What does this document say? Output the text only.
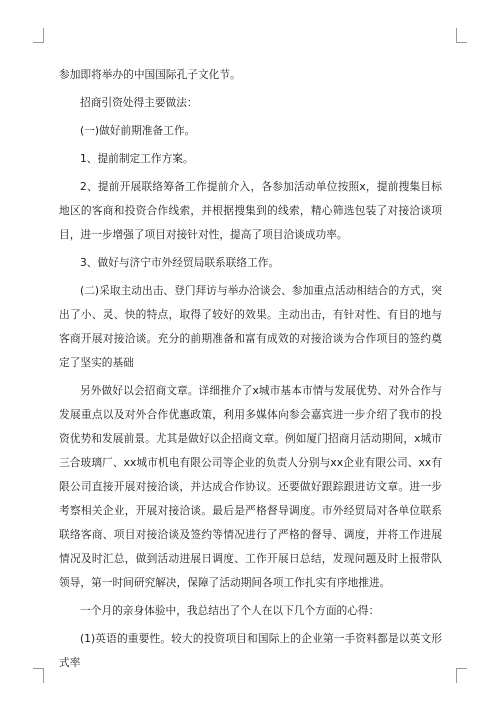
参加即将举办的中国国际孔子文化节。

招商引资处得主要做法：

(一)做好前期准备工作。

1、提前制定工作方案。

2、提前开展联络筹备工作提前介入，各参加活动单位按照x，提前搜集目标地区的客商和投资合作线索，并根据搜集到的线索，精心筛选包装了对接洽谈项目，进一步增强了项目对接针对性，提高了项目洽谈成功率。

3、做好与济宁市外经贸局联系联络工作。

(二)采取主动出击、登门拜访与举办洽谈会、参加重点活动相结合的方式，突出了小、灵、快的特点，取得了较好的效果。主动出击，有针对性、有目的地与客商开展对接洽谈。充分的前期准备和富有成效的对接洽谈为合作项目的签约奠定了坚实的基础

另外做好以会招商文章。详细推介了x城市基本市情与发展优势、对外合作与发展重点以及对外合作优惠政策，利用多媒体向参会嘉宾进一步介绍了我市的投资优势和发展前景。尤其是做好以企招商文章。例如厦门招商月活动期间，x城市三合玻璃厂、xx城市机电有限公司等企业的负责人分别与xx企业有限公司、xx有限公司直接开展对接洽谈，并达成合作协议。还要做好跟踪跟进访文章。进一步考察相关企业，开展对接洽谈。最后是严格督导调度。市外经贸局对各单位联系联络客商、项目对接洽谈及签约等情况进行了严格的督导、调度，并将工作进展情况及时汇总，做到活动进展日调度、工作开展日总结，发现问题及时上报带队领导，第一时间研究解决，保障了活动期间各项工作扎实有序地推进。

一个月的亲身体验中，我总结出了个人在以下几个方面的心得：

(1)英语的重要性。较大的投资项目和国际上的企业第一手资料都是以英文形式率
